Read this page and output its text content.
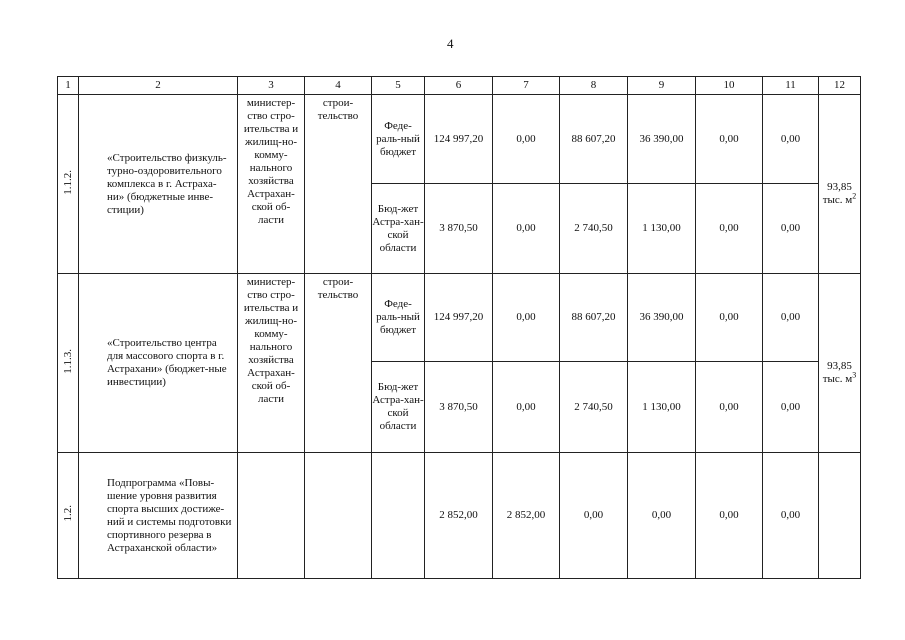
4
1	2	3	4	5	6	7	8	9	10	11	12
1.1.2.	«Строительство физкуль-турно-оздоровительного комплекса в г. Астраха-ни» (бюджетные инве-стиции)	министер-ство стро-ительства и жилищ-но-комму-нального хозяйства Астрахан-ской об-ласти	строи-тельство	Феде-раль-ный бюджет	124 997,20	0,00	88 607,20	36 390,00	0,00	0,00	93,85
тыс. $м^2$
				Бюд-жет Астра-хан-ской области	3 870,50	0,00	2 740,50	1 130,00	0,00	0,00	
1.1.3.	«Строительство центра для массового спорта в г. Астрахани» (бюджет-ные инвестиции)	министер-ство стро-ительства и жилищ-но-комму-нального хозяйства Астрахан-ской об-ласти	строи-тельство	Феде-раль-ный бюджет	124 997,20	0,00	88 607,20	36 390,00	0,00	0,00	93,85
тыс. $м^3$
				Бюд-жет Астра-хан-ской области	3 870,50	0,00	2 740,50	1 130,00	0,00	0,00	
1.2.	Подпрограмма «Повы-шение уровня развития спорта высших достиже-ний и системы подготовки спортивного резерва в Астраханской области»				2 852,00	2 852,00	0,00	0,00	0,00	0,00	
